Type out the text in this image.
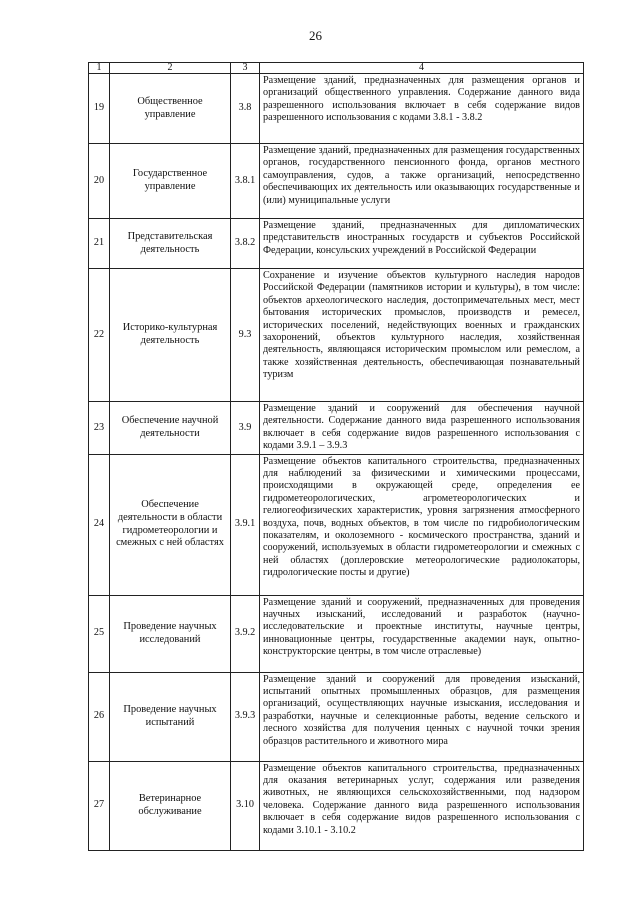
26
1	2	3	4
19	Общественное управление	3.8	Размещение зданий, предназначенных для размещения органов и организаций общественного управления. Содержание данного вида разрешенного использования включает в себя содержание видов разрешенного использования с кодами 3.8.1 - 3.8.2
20	Государственное управление	3.8.1	Размещение зданий, предназначенных для размещения государственных органов, государственного пенсионного фонда, органов местного самоуправления, судов, а также организаций, непосредственно обеспечивающих их деятельность или оказывающих государственные и (или) муниципальные услуги
21	Представительская деятельность	3.8.2	Размещение зданий, предназначенных для дипломатических представительств иностранных государств и субъектов Российской Федерации, консульских учреждений в Российской Федерации
22	Историко-культурная деятельность	9.3	Сохранение и изучение объектов культурного наследия народов Российской Федерации (памятников истории и культуры), в том числе: объектов археологического наследия, достопримечательных мест, мест бытования исторических промыслов, производств и ремесел, исторических поселений, недействующих военных и гражданских захоронений, объектов культурного наследия, хозяйственная деятельность, являющаяся историческим промыслом или ремеслом, а также хозяйственная деятельность, обеспечивающая познавательный туризм
23	Обеспечение научной деятельности	3.9	Размещение зданий и сооружений для обеспечения научной деятельности. Содержание данного вида разрешенного использования включает в себя содержание видов разрешенного использования с кодами 3.9.1 – 3.9.3
24	Обеспечение деятельности в области гидрометеорологии и смежных с ней областях	3.9.1	Размещение объектов капитального строительства, предназначенных для наблюдений за физическими и химическими процессами, происходящими в окружающей среде, определения ее гидрометеорологических, агрометеорологических и гелиогеофизических характеристик, уровня загрязнения атмосферного воздуха, почв, водных объектов, в том числе по гидробиологическим показателям, и околоземного - космического пространства, зданий и сооружений, используемых в области гидрометеорологии и смежных с ней областях (доплеровские метеорологические радиолокаторы, гидрологические посты и другие)
25	Проведение научных исследований	3.9.2	Размещение зданий и сооружений, предназначенных для проведения научных изысканий, исследований и разработок (научно-исследовательские и проектные институты, научные центры, инновационные центры, государственные академии наук, опытно-конструкторские центры, в том числе отраслевые)
26	Проведение научных испытаний	3.9.3	Размещение зданий и сооружений для проведения изысканий, испытаний опытных промышленных образцов, для размещения организаций, осуществляющих научные изыскания, исследования и разработки, научные и селекционные работы, ведение сельского и лесного хозяйства для получения ценных с научной точки зрения образцов растительного и животного мира
27	Ветеринарное обслуживание	3.10	Размещение объектов капитального строительства, предназначенных для оказания ветеринарных услуг, содержания или разведения животных, не являющихся сельскохозяйственными, под надзором человека. Содержание данного вида разрешенного использования включает в себя содержание видов разрешенного использования с кодами 3.10.1 - 3.10.2
